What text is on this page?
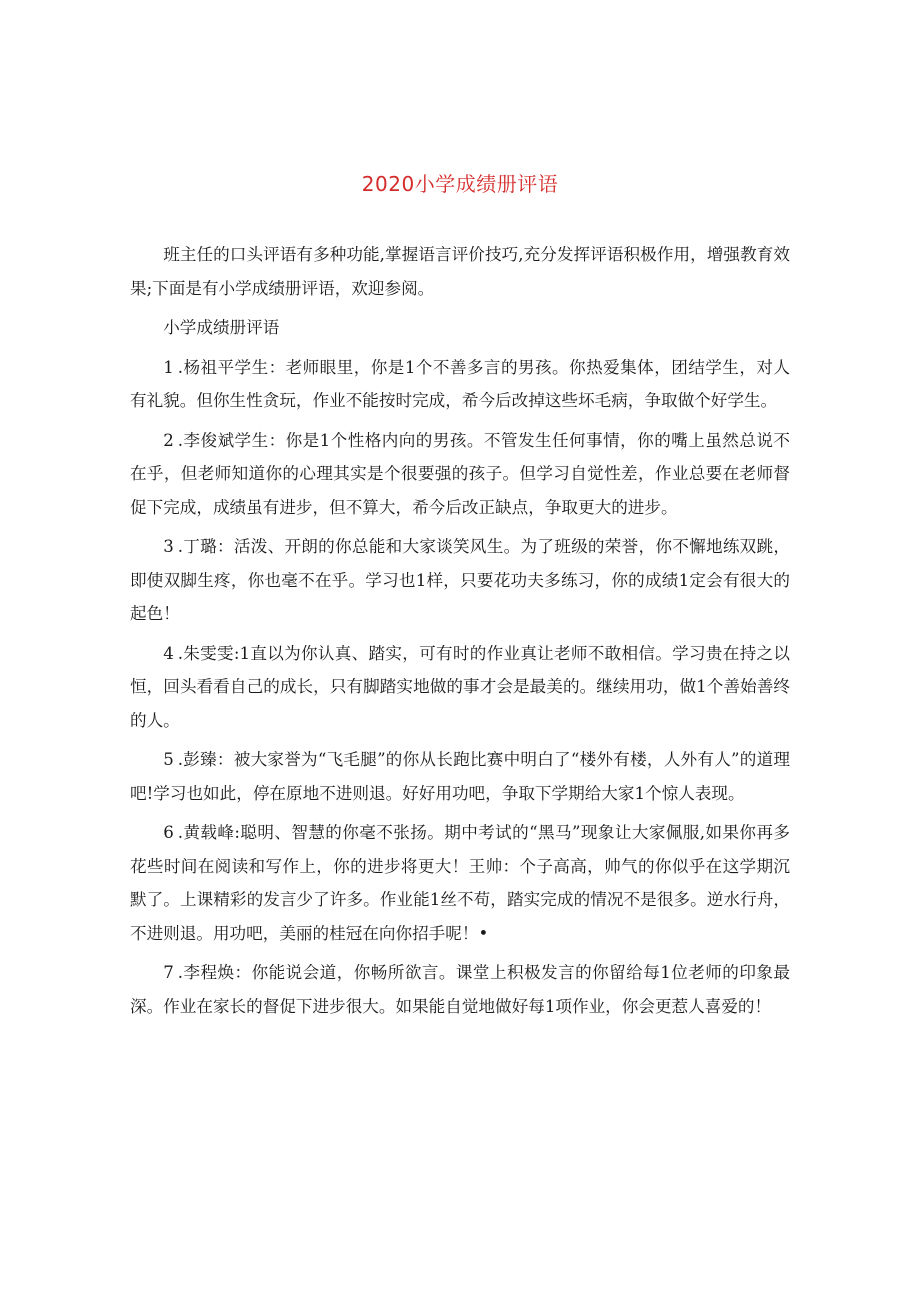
2020小学成绩册评语

班主任的口头评语有多种功能,掌握语言评价技巧,充分发挥评语积极作用，增强教育效果;下面是有小学成绩册评语，欢迎参阅。

小学成绩册评语

1 .杨祖平学生：老师眼里，你是1个不善多言的男孩。你热爱集体，团结学生，对人有礼貌。但你生性贪玩，作业不能按时完成，希今后改掉这些坏毛病，争取做个好学生。

2 .李俊斌学生：你是1个性格内向的男孩。不管发生任何事情，你的嘴上虽然总说不在乎，但老师知道你的心理其实是个很要强的孩子。但学习自觉性差，作业总要在老师督促下完成，成绩虽有进步，但不算大，希今后改正缺点，争取更大的进步。

3 .丁璐：活泼、开朗的你总能和大家谈笑风生。为了班级的荣誉，你不懈地练双跳，即使双脚生疼，你也毫不在乎。学习也1样，只要花功夫多练习，你的成绩1定会有很大的起色！

4 .朱雯雯:1直以为你认真、踏实，可有时的作业真让老师不敢相信。学习贵在持之以恒，回头看看自己的成长，只有脚踏实地做的事才会是最美的。继续用功，做1个善始善终的人。

5 .彭臻：被大家誉为“飞毛腿”的你从长跑比赛中明白了“楼外有楼，人外有人”的道理吧!学习也如此，停在原地不进则退。好好用功吧，争取下学期给大家1个惊人表现。

6 .黄载峰:聪明、智慧的你毫不张扬。期中考试的“黑马”现象让大家佩服,如果你再多花些时间在阅读和写作上，你的进步将更大！王帅：个子高高，帅气的你似乎在这学期沉默了。上课精彩的发言少了许多。作业能1丝不苟，踏实完成的情况不是很多。逆水行舟，不进则退。用功吧，美丽的桂冠在向你招手呢！•

7 .李程焕：你能说会道，你畅所欲言。课堂上积极发言的你留给每1位老师的印象最深。作业在家长的督促下进步很大。如果能自觉地做好每1项作业，你会更惹人喜爱的！
